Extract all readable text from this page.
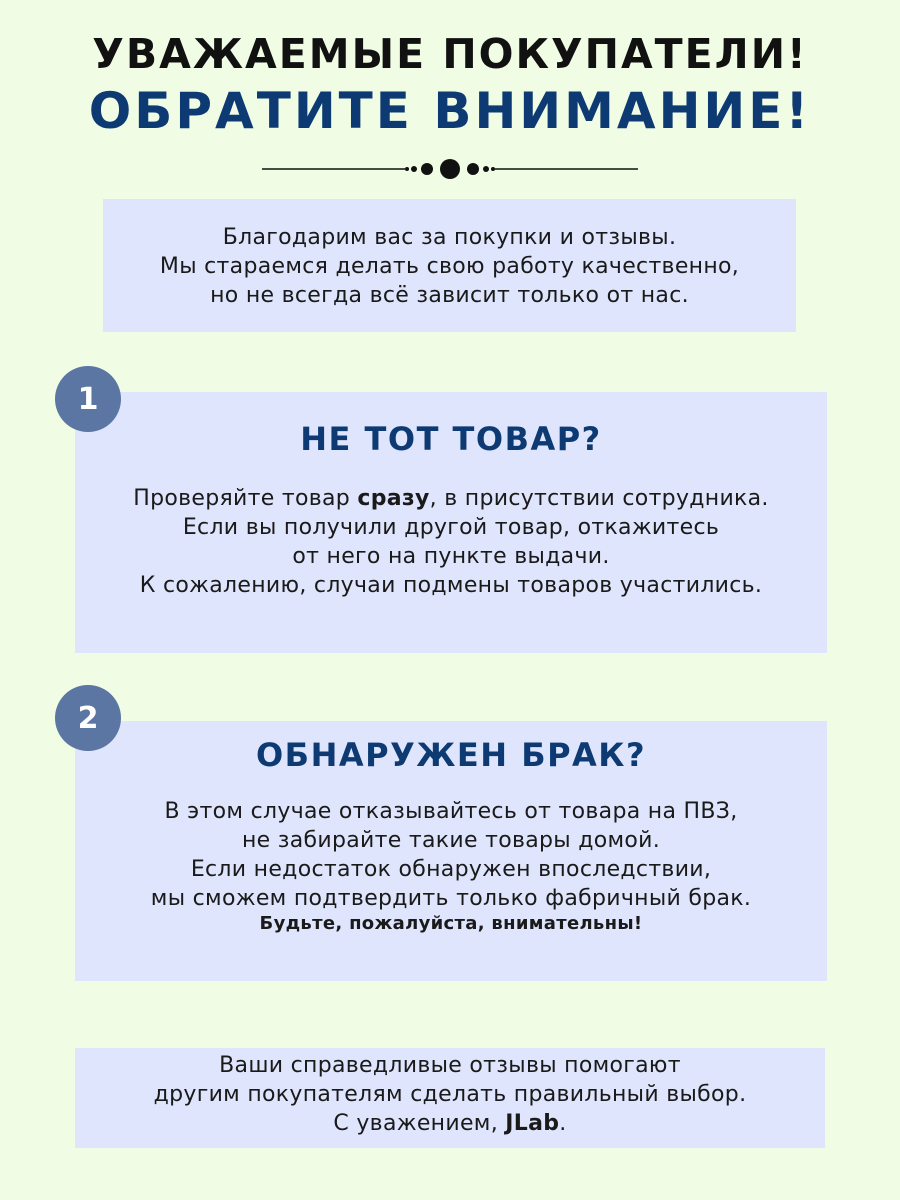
УВАЖАЕМЫЕ ПОКУПАТЕЛИ!
ОБРАТИТЕ ВНИМАНИЕ!

Благодарим вас за покупки и отзывы.

Мы стараемся делать свою работу качественно,

но не всегда всё зависит только от нас.

НЕ ТОТ ТОВАР?

Проверяйте товар сразу, в присутствии сотрудника.

Если вы получили другой товар, откажитесь

от него на пункте выдачи.

К сожалению, случаи подмены товаров участились.

1
ОБНАРУЖЕН БРАК?

В этом случае отказывайтесь от товара на ПВЗ,

не забирайте такие товары домой.

Если недостаток обнаружен впоследствии,

мы сможем подтвердить только фабричный брак.

Будьте, пожалуйста, внимательны!

2

Ваши справедливые отзывы помогают

другим покупателям сделать правильный выбор.

С уважением, JLab.
